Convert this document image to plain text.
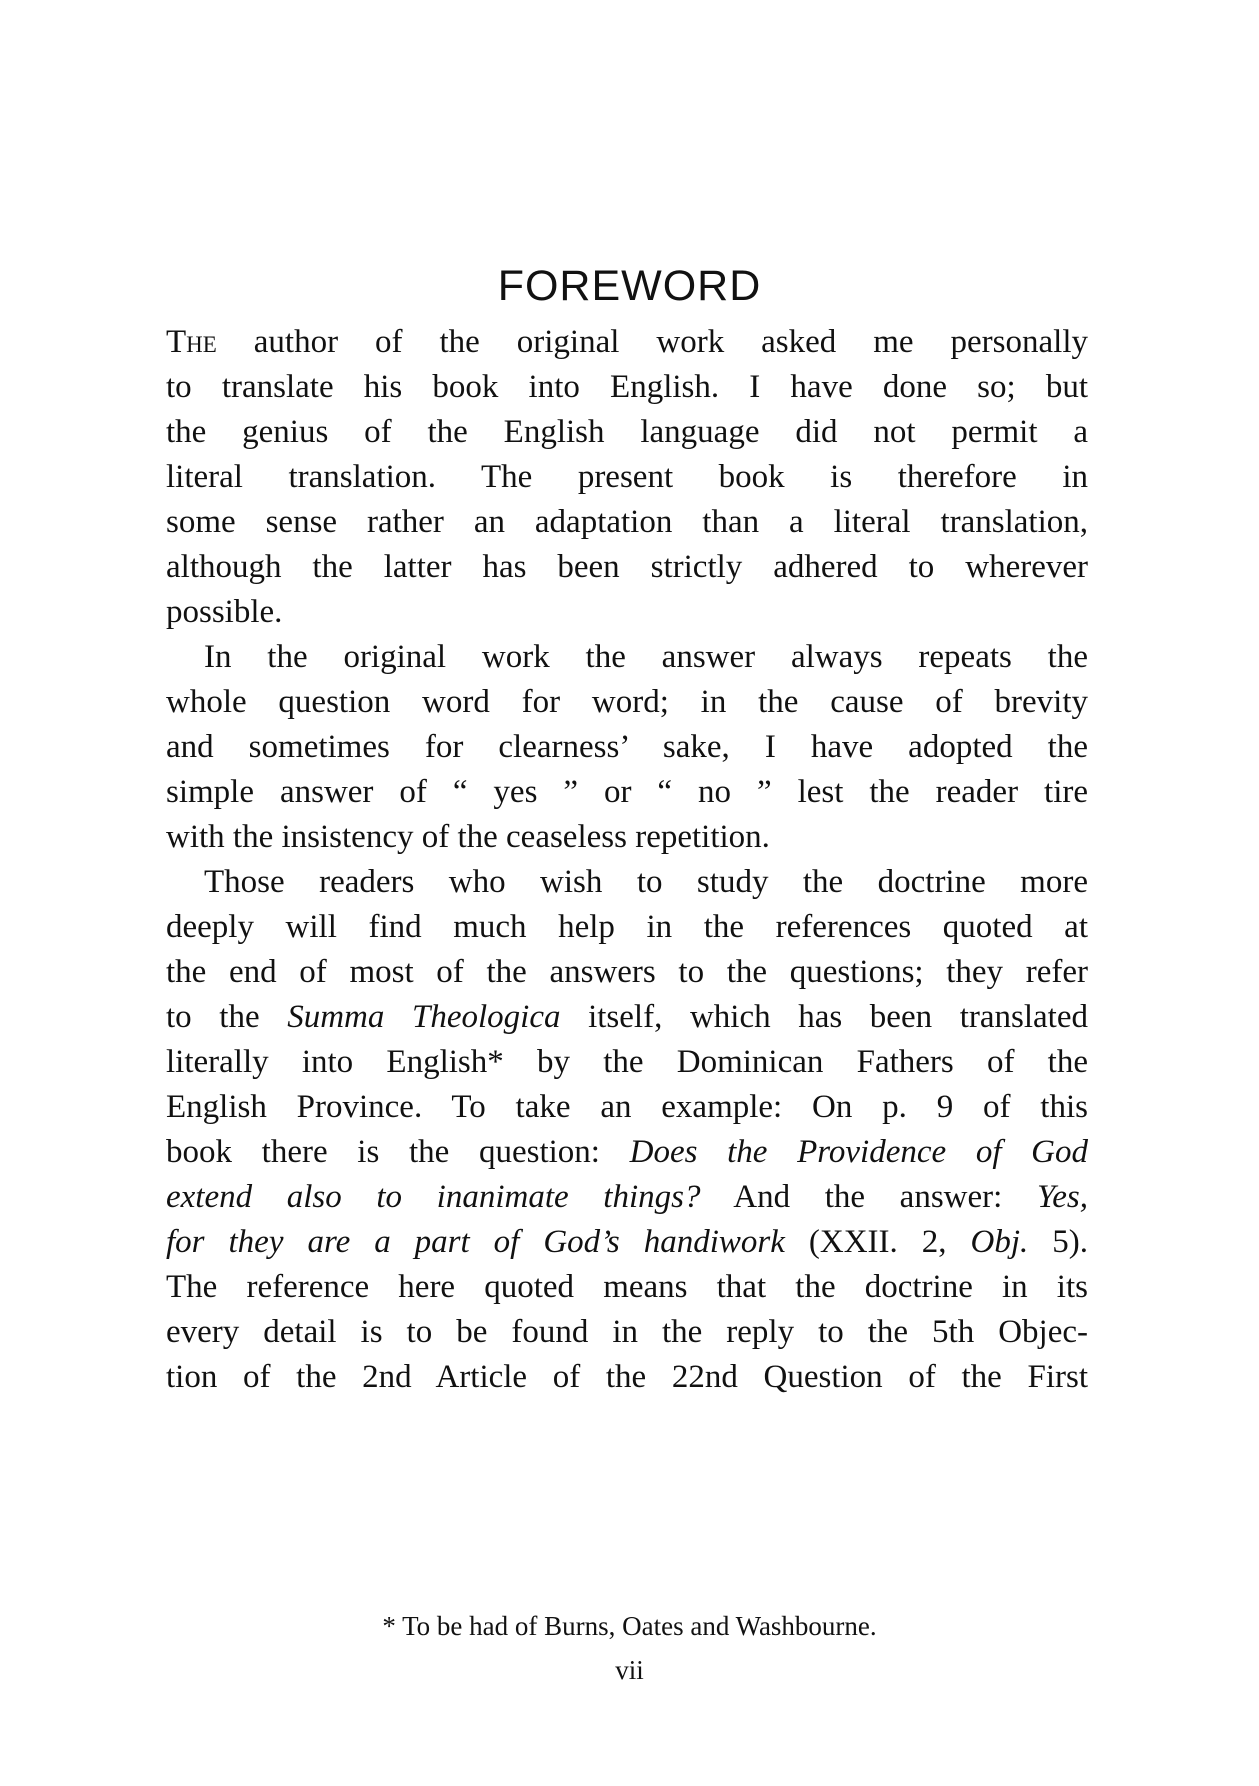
FOREWORD
The author of the original work asked me personally
to translate his book into English. I have done so; but
the genius of the English language did not permit a
literal translation. The present book is therefore in
some sense rather an adaptation than a literal translation,
although the latter has been strictly adhered to wherever
possible.
In the original work the answer always repeats the
whole question word for word; in the cause of brevity
and sometimes for clearness’ sake, I have adopted the
simple answer of “ yes ” or “ no ” lest the reader tire
with the insistency of the ceaseless repetition.
Those readers who wish to study the doctrine more
deeply will find much help in the references quoted at
the end of most of the answers to the questions; they refer
to the Summa Theologica itself, which has been translated
literally into English* by the Dominican Fathers of the
English Province. To take an example: On p. 9 of this
book there is the question: Does the Providence of God
extend also to inanimate things? And the answer: Yes,
for they are a part of God’s handiwork (XXII. 2, Obj. 5).
The reference here quoted means that the doctrine in its
every detail is to be found in the reply to the 5th Objec-
tion of the 2nd Article of the 22nd Question of the First
* To be had of Burns, Oates and Washbourne.
vii
